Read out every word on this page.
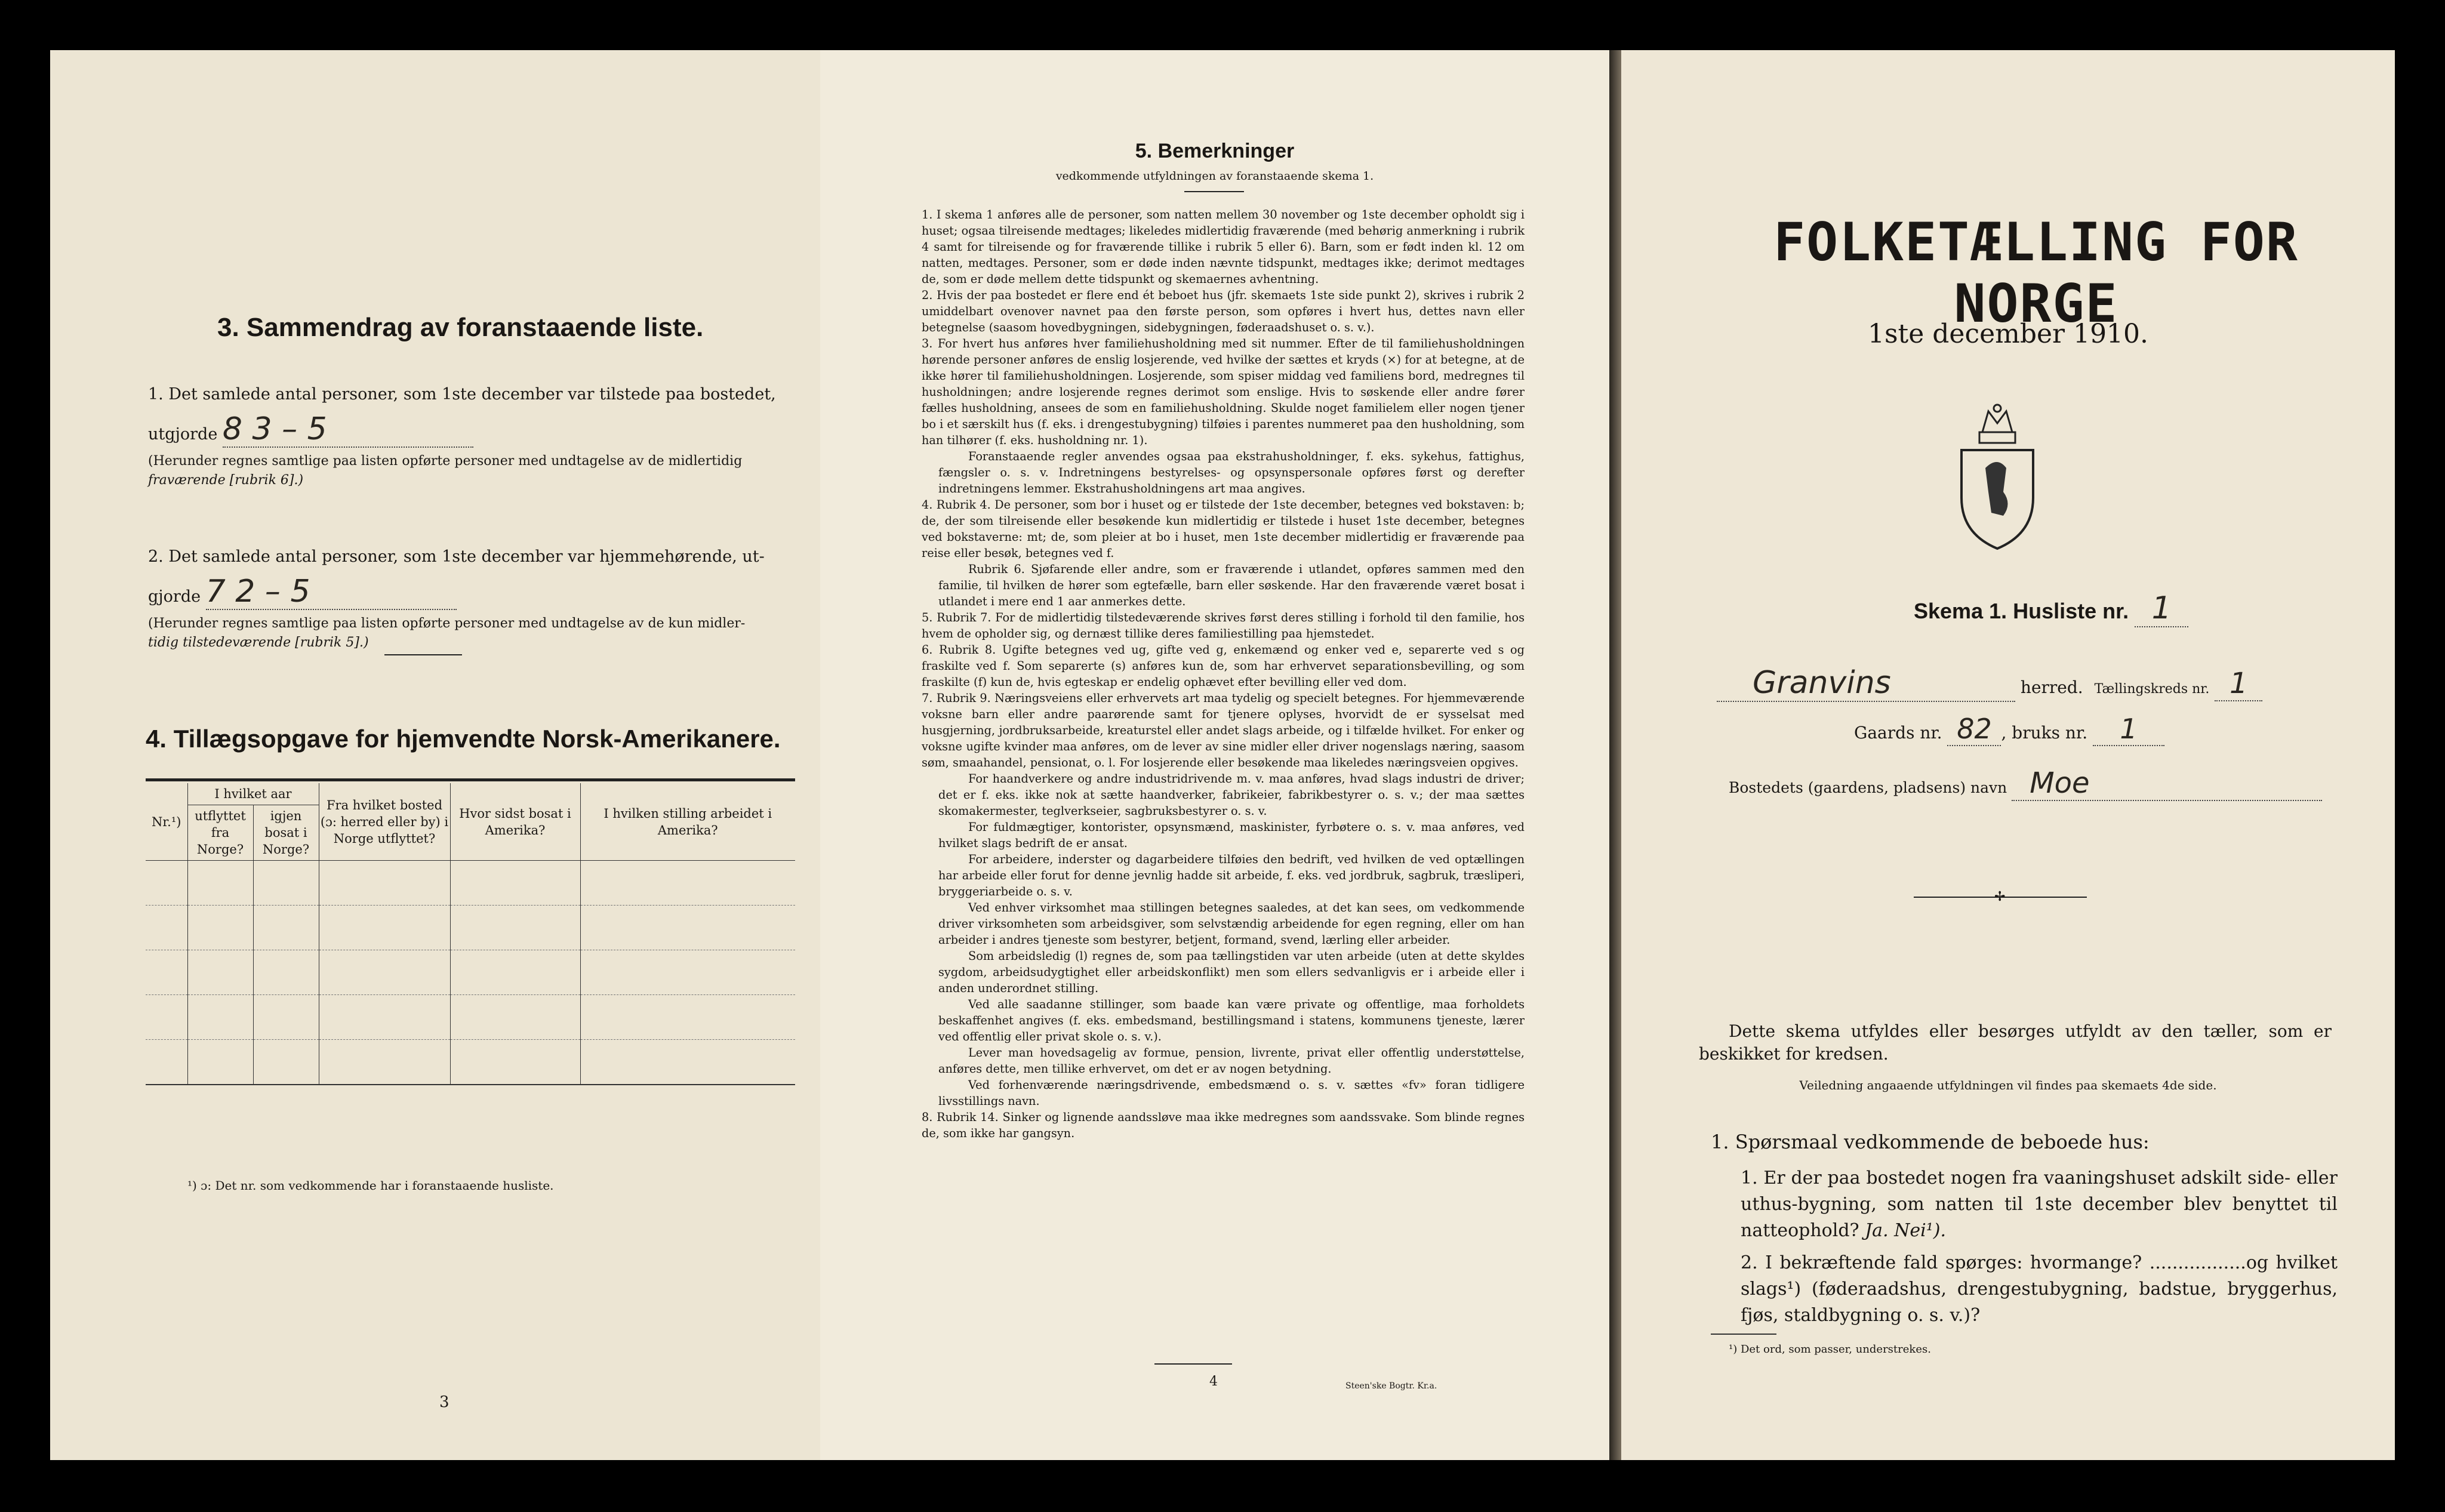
3. Sammendrag av foranstaaende liste.
1. Det samlede antal personer, som 1ste december var tilstede paa bostedet,
utgjorde 8 3 – 5
(Herunder regnes samtlige paa listen opførte personer med undtagelse av de midlertidig
fraværende [rubrik 6].)
2. Det samlede antal personer, som 1ste december var hjemmehørende, ut-
gjorde 7 2 – 5
(Herunder regnes samtlige paa listen opførte personer med undtagelse av de kun midler-
tidig tilstedeværende [rubrik 5].)
4. Tillægsopgave for hjemvendte Norsk-Amerikanere.
Nr.¹)	I hvilket aar		Fra hvilket bosted (ɔ: herred eller by) i Norge utflyttet?	Hvor sidst bosat i Amerika?	I hvilken stilling arbeidet i Amerika?
	utflyttet fra Norge?	igjen bosat i Norge?			

¹) ɔ: Det nr. som vedkommende har i foranstaaende husliste.
3
5. Bemerkninger
vedkommende utfyldningen av foranstaaende skema 1.
1. I skema 1 anføres alle de personer, som natten mellem 30 november og 1ste december opholdt sig i huset; ogsaa tilreisende medtages; likeledes midlertidig fraværende (med behørig anmerkning i rubrik 4 samt for tilreisende og for fraværende tillike i rubrik 5 eller 6). Barn, som er født inden kl. 12 om natten, medtages. Personer, som er døde inden nævnte tidspunkt, medtages ikke; derimot medtages de, som er døde mellem dette tidspunkt og skemaernes avhentning.
2. Hvis der paa bostedet er flere end ét beboet hus (jfr. skemaets 1ste side punkt 2), skrives i rubrik 2 umiddelbart ovenover navnet paa den første person, som opføres i hvert hus, dettes navn eller betegnelse (saasom hovedbygningen, sidebygningen, føderaadshuset o. s. v.).
3. For hvert hus anføres hver familiehusholdning med sit nummer. Efter de til familiehusholdningen hørende personer anføres de enslig losjerende, ved hvilke der sættes et kryds (×) for at betegne, at de ikke hører til familiehusholdningen. Losjerende, som spiser middag ved familiens bord, medregnes til husholdningen; andre losjerende regnes derimot som enslige. Hvis to søskende eller andre fører fælles husholdning, ansees de som en familiehusholdning. Skulde noget familielem eller nogen tjener bo i et særskilt hus (f. eks. i drengestubygning) tilføies i parentes nummeret paa den husholdning, som han tilhører (f. eks. husholdning nr. 1).
Foranstaaende regler anvendes ogsaa paa ekstrahusholdninger, f. eks. sykehus, fattighus, fængsler o. s. v. Indretningens bestyrelses- og opsynspersonale opføres først og derefter indretningens lemmer. Ekstrahusholdningens art maa angives.
4. Rubrik 4. De personer, som bor i huset og er tilstede der 1ste december, betegnes ved bokstaven: b; de, der som tilreisende eller besøkende kun midlertidig er tilstede i huset 1ste december, betegnes ved bokstaverne: mt; de, som pleier at bo i huset, men 1ste december midlertidig er fraværende paa reise eller besøk, betegnes ved f.
Rubrik 6. Sjøfarende eller andre, som er fraværende i utlandet, opføres sammen med den familie, til hvilken de hører som egtefælle, barn eller søskende. Har den fraværende været bosat i utlandet i mere end 1 aar anmerkes dette.
5. Rubrik 7. For de midlertidig tilstedeværende skrives først deres stilling i forhold til den familie, hos hvem de opholder sig, og dernæst tillike deres familiestilling paa hjemstedet.
6. Rubrik 8. Ugifte betegnes ved ug, gifte ved g, enkemænd og enker ved e, separerte ved s og fraskilte ved f. Som separerte (s) anføres kun de, som har erhvervet separationsbevilling, og som fraskilte (f) kun de, hvis egteskap er endelig ophævet efter bevilling eller ved dom.
7. Rubrik 9. Næringsveiens eller erhvervets art maa tydelig og specielt betegnes. For hjemmeværende voksne barn eller andre paarørende samt for tjenere oplyses, hvorvidt de er sysselsat med husgjerning, jordbruksarbeide, kreaturstel eller andet slags arbeide, og i tilfælde hvilket. For enker og voksne ugifte kvinder maa anføres, om de lever av sine midler eller driver nogenslags næring, saasom søm, smaahandel, pensionat, o. l. For losjerende eller besøkende maa likeledes næringsveien opgives.
For haandverkere og andre industridrivende m. v. maa anføres, hvad slags industri de driver; det er f. eks. ikke nok at sætte haandverker, fabrikeier, fabrikbestyrer o. s. v.; der maa sættes skomakermester, teglverkseier, sagbruksbestyrer o. s. v.
For fuldmægtiger, kontorister, opsynsmænd, maskinister, fyrbøtere o. s. v. maa anføres, ved hvilket slags bedrift de er ansat.
For arbeidere, inderster og dagarbeidere tilføies den bedrift, ved hvilken de ved optællingen har arbeide eller forut for denne jevnlig hadde sit arbeide, f. eks. ved jordbruk, sagbruk, træsliperi, bryggeriarbeide o. s. v.
Ved enhver virksomhet maa stillingen betegnes saaledes, at det kan sees, om vedkommende driver virksomheten som arbeidsgiver, som selvstændig arbeidende for egen regning, eller om han arbeider i andres tjeneste som bestyrer, betjent, formand, svend, lærling eller arbeider.
Som arbeidsledig (l) regnes de, som paa tællingstiden var uten arbeide (uten at dette skyldes sygdom, arbeidsudygtighet eller arbeidskonflikt) men som ellers sedvanligvis er i arbeide eller i anden underordnet stilling.
Ved alle saadanne stillinger, som baade kan være private og offentlige, maa forholdets beskaffenhet angives (f. eks. embedsmand, bestillingsmand i statens, kommunens tjeneste, lærer ved offentlig eller privat skole o. s. v.).
Lever man hovedsagelig av formue, pension, livrente, privat eller offentlig understøttelse, anføres dette, men tillike erhvervet, om det er av nogen betydning.
Ved forhenværende næringsdrivende, embedsmænd o. s. v. sættes «fv» foran tidligere livsstillings navn.
8. Rubrik 14. Sinker og lignende aandssløve maa ikke medregnes som aandssvake. Som blinde regnes de, som ikke har gangsyn.
4	Steen'ske Bogtr. Kr.a.
FOLKETÆLLING FOR NORGE
1ste december 1910.
Skema 1. Husliste nr. 1
Granvins	herred. Tællingskreds nr. 1
Gaards nr. 82 , bruks nr. 1
Bostedets (gaardens, pladsens) navn Moe
✢
Dette skema utfyldes eller besørges utfyldt av den tæller, som er beskikket for kredsen.
Veiledning angaaende utfyldningen vil findes paa skemaets 4de side.
1. Spørsmaal vedkommende de beboede hus:
1. Er der paa bostedet nogen fra vaaningshuset adskilt side- eller uthus-bygning, som natten til 1ste december blev benyttet til natteophold? Ja. Nei¹).
2. I bekræftende fald spørges: hvormange? .................og hvilket slags¹) (føderaadshus, drengestubygning, badstue, bryggerhus, fjøs, staldbygning o. s. v.)?
¹) Det ord, som passer, understrekes.
